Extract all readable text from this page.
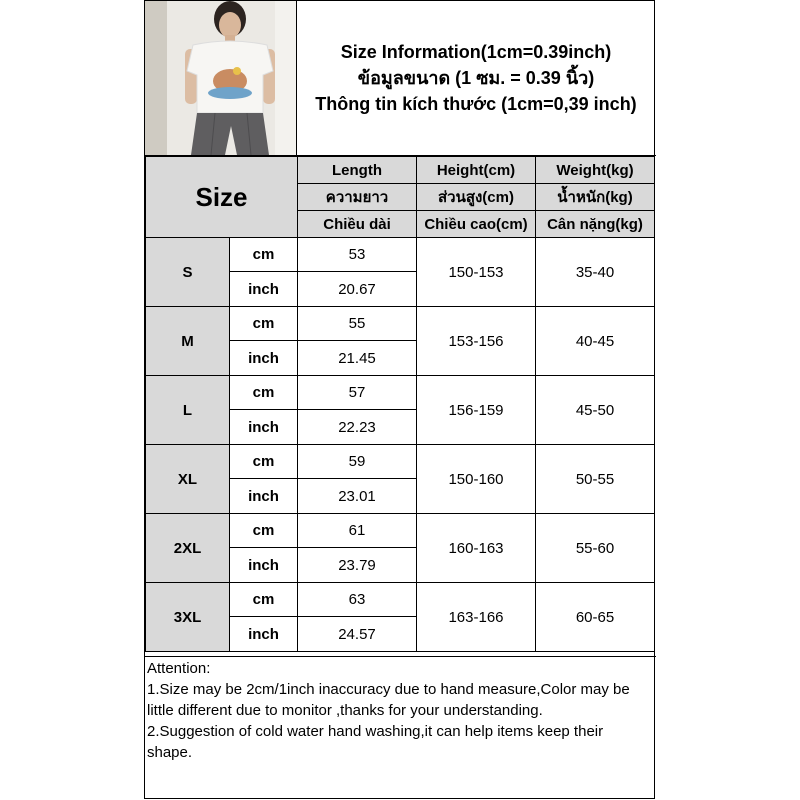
Size Information(1cm=0.39inch)
ข้อมูลขนาด (1 ซม. = 0.39 นิ้ว)
Thông tin kích thước (1cm=0,39 inch)
Size		Length	Height(cm)	Weight(kg)
		ความยาว	ส่วนสูง(cm)	น้ำหนัก(kg)
		Chiều dài	Chiều cao(cm)	Cân nặng(kg)
S	cm	53	150-153	35-40
	inch	20.67		
M	cm	55	153-156	40-45
	inch	21.45		
L	cm	57	156-159	45-50
	inch	22.23		
XL	cm	59	150-160	50-55
	inch	23.01		
2XL	cm	61	160-163	55-60
	inch	23.79		
3XL	cm	63	163-166	60-65
	inch	24.57		
Attention:
1.Size may be 2cm/1inch inaccuracy due to hand measure,Color may be little different due to monitor ,thanks for your understanding.
2.Suggestion of cold water hand washing,it can help items keep their shape.
